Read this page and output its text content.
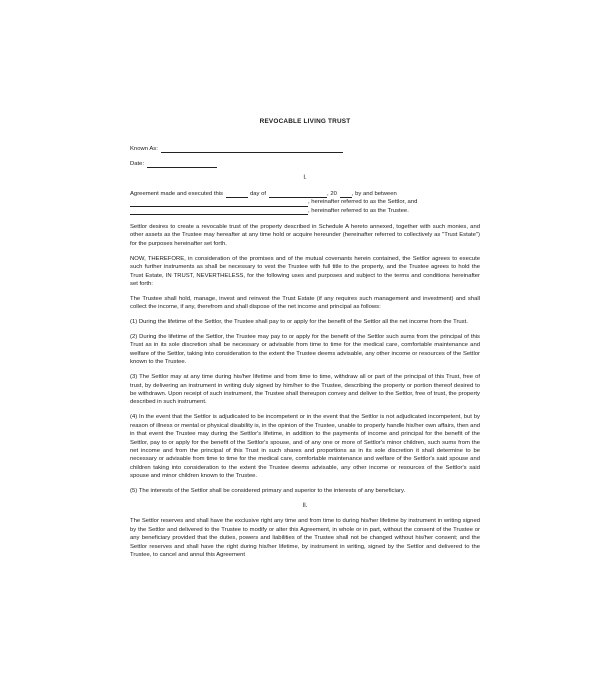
REVOCABLE LIVING TRUST
Known As:
Date:
I.
Agreement made and executed this	day of	, 20	, by and between
, hereinafter referred to as the Settlor, and
, hereinafter referred to as the Trustee.

Settlor desires to create a revocable trust of the property described in Schedule A hereto annexed, together with such monies, and other assets as the Trustee may hereafter at any time hold or acquire hereunder (hereinafter referred to collectively as "Trust Estate") for the purposes hereinafter set forth.

NOW, THEREFORE, in consideration of the promises and of the mutual covenants herein contained, the Settlor agrees to execute such further instruments as shall be necessary to vest the Trustee with full title to the property, and the Trustee agrees to hold the Trust Estate, IN TRUST, NEVERTHELESS, for the following uses and purposes and subject to the terms and conditions hereinafter set forth:

The Trustee shall hold, manage, invest and reinvest the Trust Estate (if any requires such management and investment) and shall collect the income, if any, therefrom and shall dispose of the net income and principal as follows:

(1) During the lifetime of the Settlor, the Trustee shall pay to or apply for the benefit of the Settlor all the net income from the Trust.

(2) During the lifetime of the Settlor, the Trustee may pay to or apply for the benefit of the Settlor such sums from the principal of this Trust as in its sole discretion shall be necessary or advisable from time to time for the medical care, comfortable maintenance and welfare of the Settlor, taking into consideration to the extent the Trustee deems advisable, any other income or resources of the Settlor known to the Trustee.

(3) The Settlor may at any time during his/her lifetime and from time to time, withdraw all or part of the principal of this Trust, free of trust, by delivering an instrument in writing duly signed by him/her to the Trustee, describing the property or portion thereof desired to be withdrawn. Upon receipt of such instrument, the Trustee shall thereupon convey and deliver to the Settlor, free of trust, the property described in such instrument.

(4) In the event that the Settlor is adjudicated to be incompetent or in the event that the Settlor is not adjudicated incompetent, but by reason of illness or mental or physical disability is, in the opinion of the Trustee, unable to properly handle his/her own affairs, then and in that event the Trustee may during the Settlor's lifetime, in addition to the payments of income and principal for the benefit of the Settlor, pay to or apply for the benefit of the Settlor's spouse, and of any one or more of Settlor's minor children, such sums from the net income and from the principal of this Trust in such shares and proportions as in its sole discretion it shall determine to be necessary or advisable from time to time for the medical care, comfortable maintenance and welfare of the Settlor's said spouse and children taking into consideration to the extent the Trustee deems advisable, any other income or resources of the Settlor's said spouse and minor children known to the Trustee.

(5) The interests of the Settlor shall be considered primary and superior to the interests of any beneficiary.

II.

The Settlor reserves and shall have the exclusive right any time and from time to during his/her lifetime by instrument in writing signed by the Settlor and delivered to the Trustee to modify or alter this Agreement, in whole or in part, without the consent of the Trustee or any beneficiary provided that the duties, powers and liabilities of the Trustee shall not be changed without his/her consent; and the Settlor reserves and shall have the right during his/her lifetime, by instrument in writing, signed by the Settlor and delivered to the Trustee, to cancel and annul this Agreement
